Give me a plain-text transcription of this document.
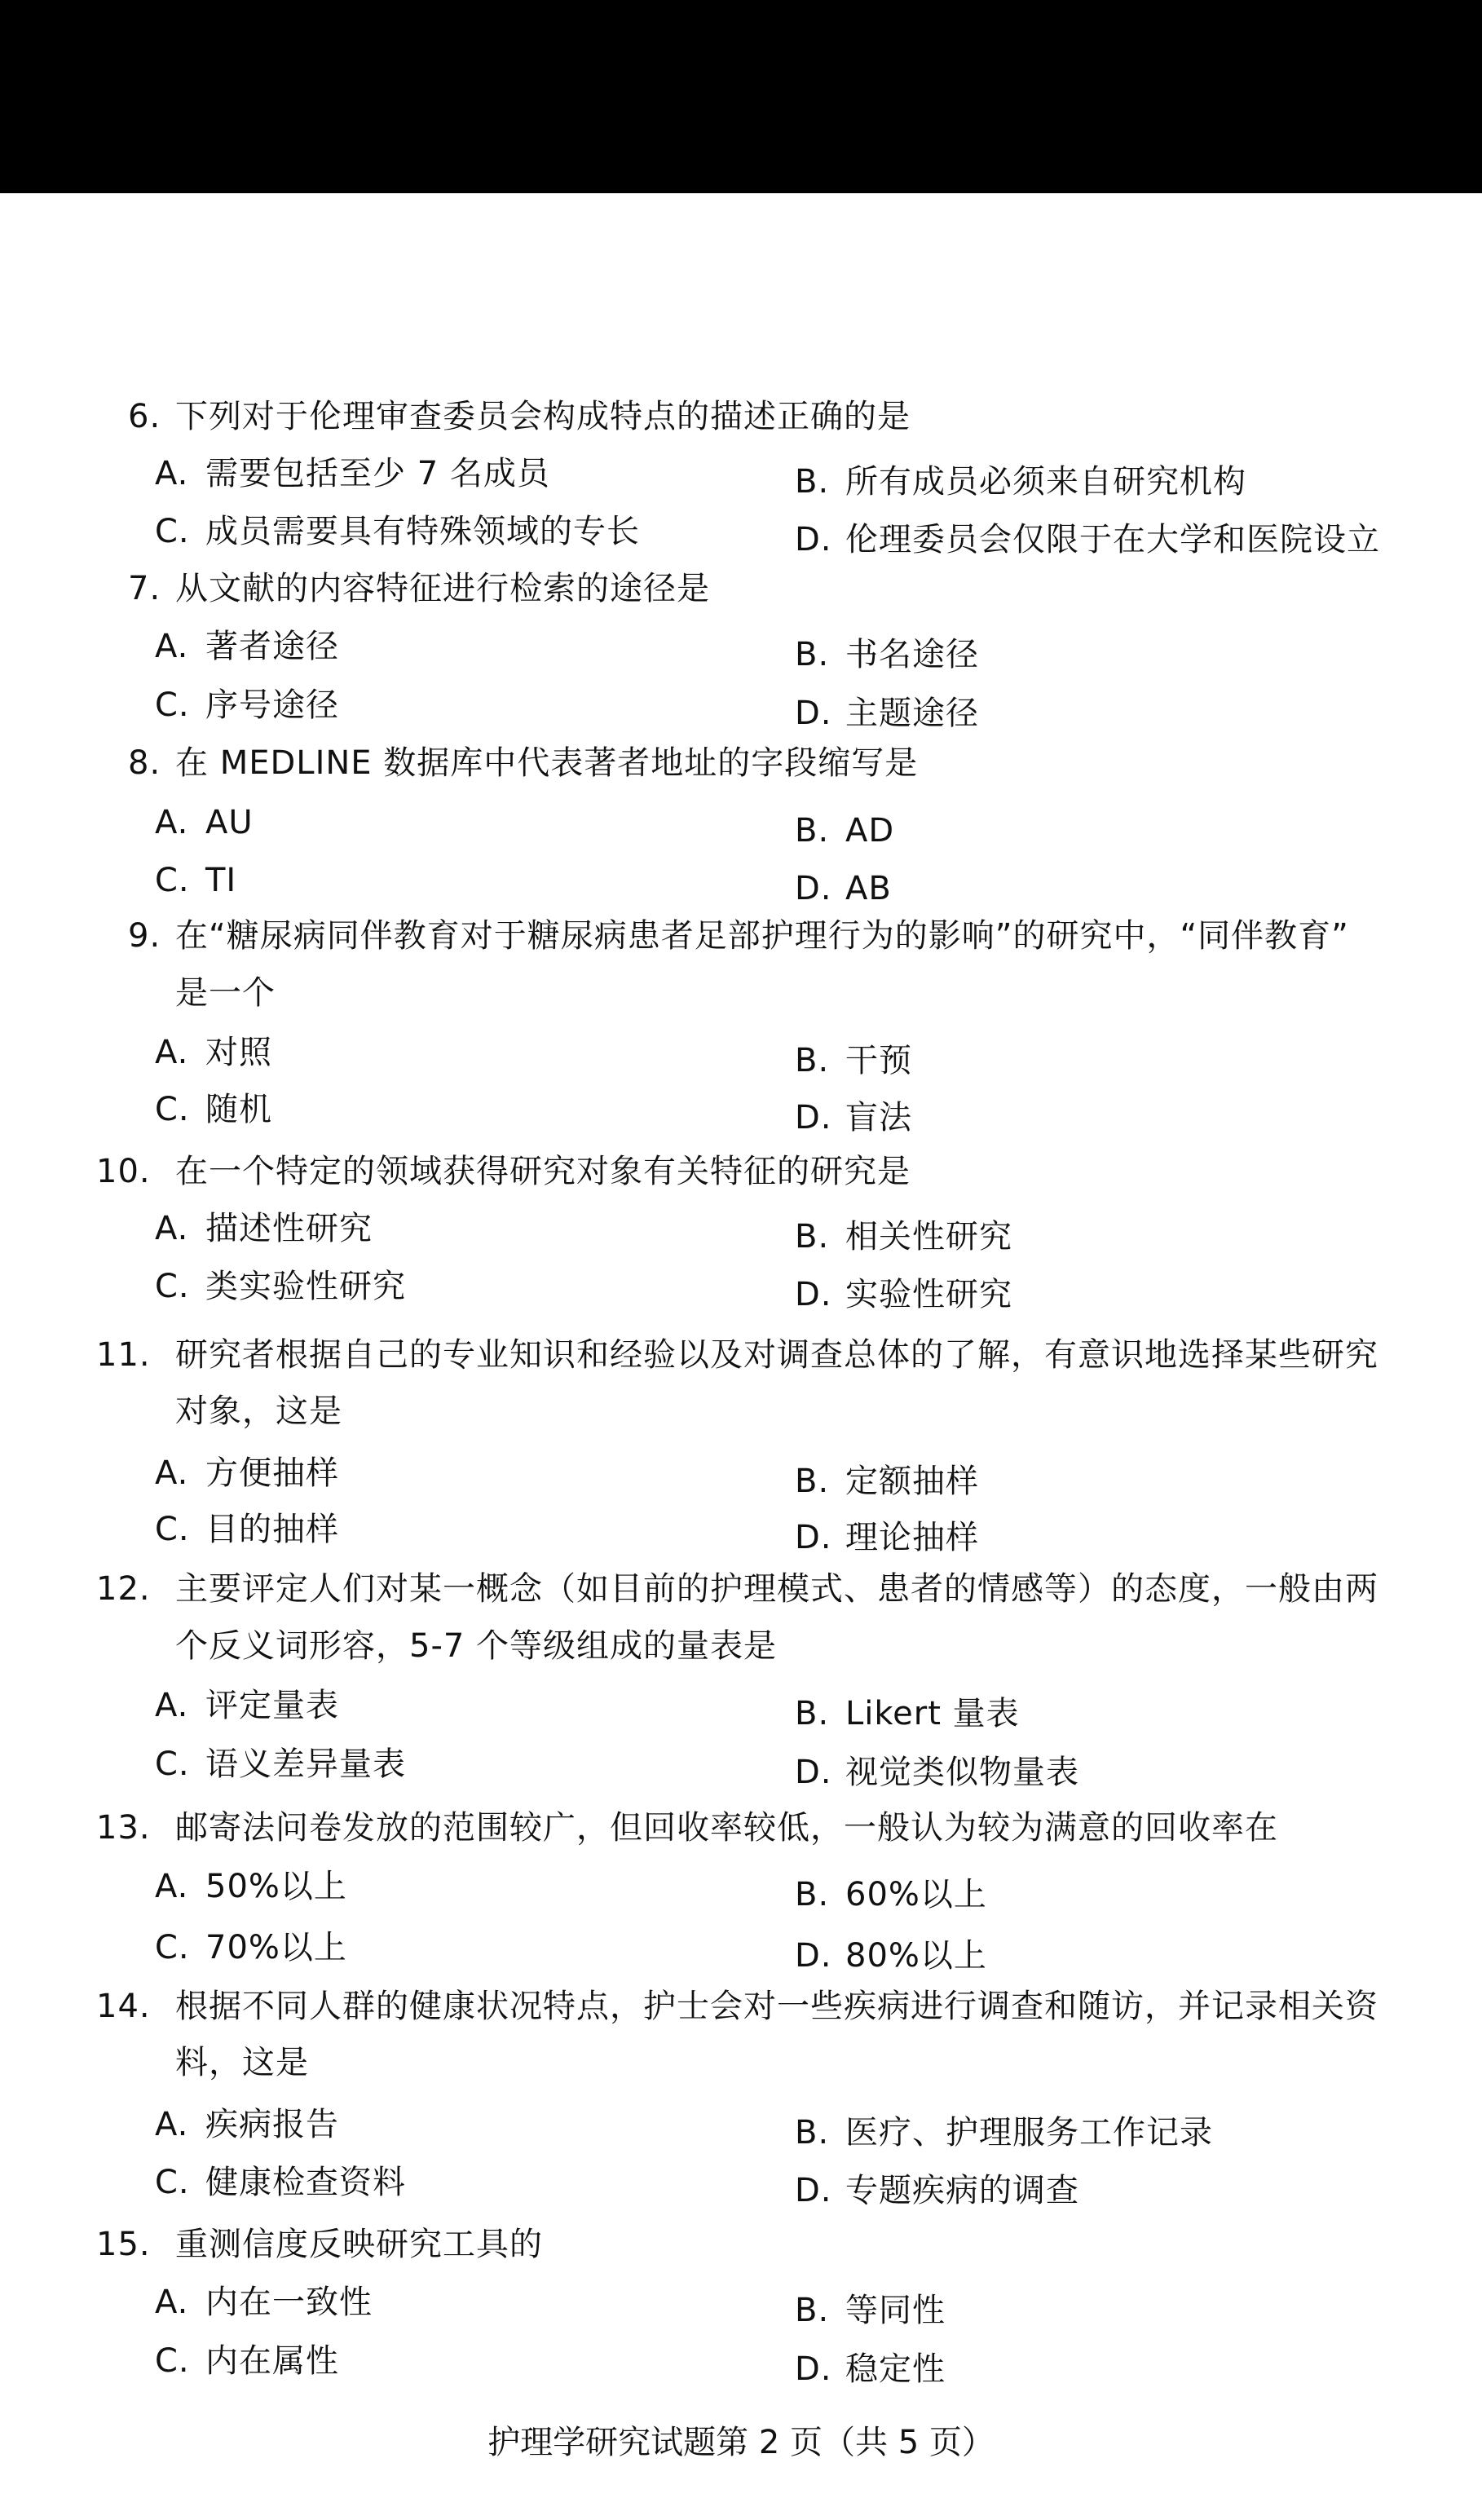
6. 下列对于伦理审查委员会构成特点的描述正确的是
A. 需要包括至少 7 名成员	B. 所有成员必须来自研究机构
C. 成员需要具有特殊领域的专长	D. 伦理委员会仅限于在大学和医院设立
7. 从文献的内容特征进行检索的途径是
A. 著者途径	B. 书名途径
C. 序号途径	D. 主题途径
8. 在 MEDLINE 数据库中代表著者地址的字段缩写是
A. AU	B. AD
C. TI	D. AB
9. 在“糖尿病同伴教育对于糖尿病患者足部护理行为的影响”的研究中，“同伴教育”
是一个
A. 对照	B. 干预
C. 随机	D. 盲法
10. 在一个特定的领域获得研究对象有关特征的研究是
A. 描述性研究	B. 相关性研究
C. 类实验性研究	D. 实验性研究
11. 研究者根据自己的专业知识和经验以及对调查总体的了解，有意识地选择某些研究
对象，这是
A. 方便抽样	B. 定额抽样
C. 目的抽样	D. 理论抽样
12. 主要评定人们对某一概念（如目前的护理模式、患者的情感等）的态度，一般由两
个反义词形容，5-7 个等级组成的量表是
A. 评定量表	B. Likert 量表
C. 语义差异量表	D. 视觉类似物量表
13. 邮寄法问卷发放的范围较广，但回收率较低，一般认为较为满意的回收率在
A. 50%以上	B. 60%以上
C. 70%以上	D. 80%以上
14. 根据不同人群的健康状况特点，护士会对一些疾病进行调查和随访，并记录相关资
料，这是
A. 疾病报告	B. 医疗、护理服务工作记录
C. 健康检查资料	D. 专题疾病的调查
15. 重测信度反映研究工具的
A. 内在一致性	B. 等同性
C. 内在属性	D. 稳定性
护理学研究试题第 2 页（共 5 页）
